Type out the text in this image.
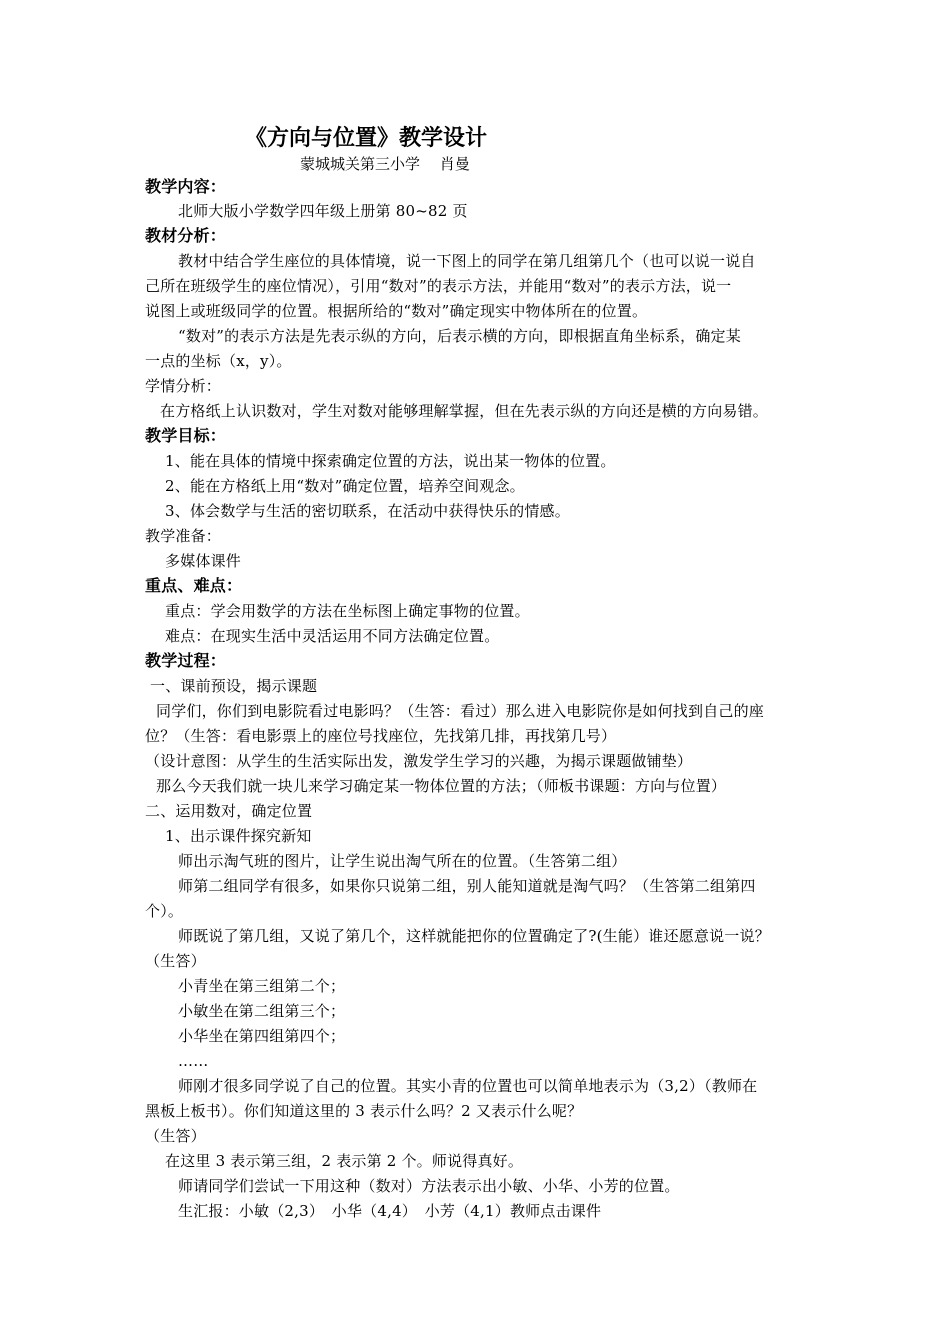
《方向与位置》教学设计
蒙城城关第三小学　 肖曼
教学内容：
北师大版小学数学四年级上册第 80~82 页
教材分析：
教材中结合学生座位的具体情境，说一下图上的同学在第几组第几个（也可以说一说自
己所在班级学生的座位情况），引用“数对”的表示方法，并能用“数对”的表示方法，说一
说图上或班级同学的位置。根据所给的“数对”确定现实中物体所在的位置。
“数对”的表示方法是先表示纵的方向，后表示横的方向，即根据直角坐标系，确定某
一点的坐标（x，y）。
学情分析：
在方格纸上认识数对，学生对数对能够理解掌握，但在先表示纵的方向还是横的方向易错。
教学目标：
1、能在具体的情境中探索确定位置的方法，说出某一物体的位置。
2、能在方格纸上用“数对”确定位置，培养空间观念。
3、体会数学与生活的密切联系，在活动中获得快乐的情感。
教学准备：
多媒体课件
重点、难点：
重点：学会用数学的方法在坐标图上确定事物的位置。
难点：在现实生活中灵活运用不同方法确定位置。
教学过程：
一、课前预设，揭示课题
同学们，你们到电影院看过电影吗？（生答：看过）那么进入电影院你是如何找到自己的座
位？（生答：看电影票上的座位号找座位，先找第几排，再找第几号）
（设计意图：从学生的生活实际出发，激发学生学习的兴趣，为揭示课题做铺垫）
那么今天我们就一块儿来学习确定某一物体位置的方法；（师板书课题：方向与位置）
二、运用数对，确定位置
1、出示课件探究新知
师出示淘气班的图片，让学生说出淘气所在的位置。（生答第二组）
师第二组同学有很多，如果你只说第二组，别人能知道就是淘气吗？（生答第二组第四
个）。
师既说了第几组，又说了第几个，这样就能把你的位置确定了?(生能）谁还愿意说一说？
（生答）
小青坐在第三组第二个；
小敏坐在第二组第三个；
小华坐在第四组第四个；
……
师刚才很多同学说了自己的位置。其实小青的位置也可以简单地表示为（3,2）（教师在
黑板上板书）。你们知道这里的 3 表示什么吗？2 又表示什么呢？
（生答）
在这里 3 表示第三组，2 表示第 2 个。师说得真好。
师请同学们尝试一下用这种（数对）方法表示出小敏、小华、小芳的位置。
生汇报：小敏（2,3）　小华（4,4）　小芳（4,1）教师点击课件
